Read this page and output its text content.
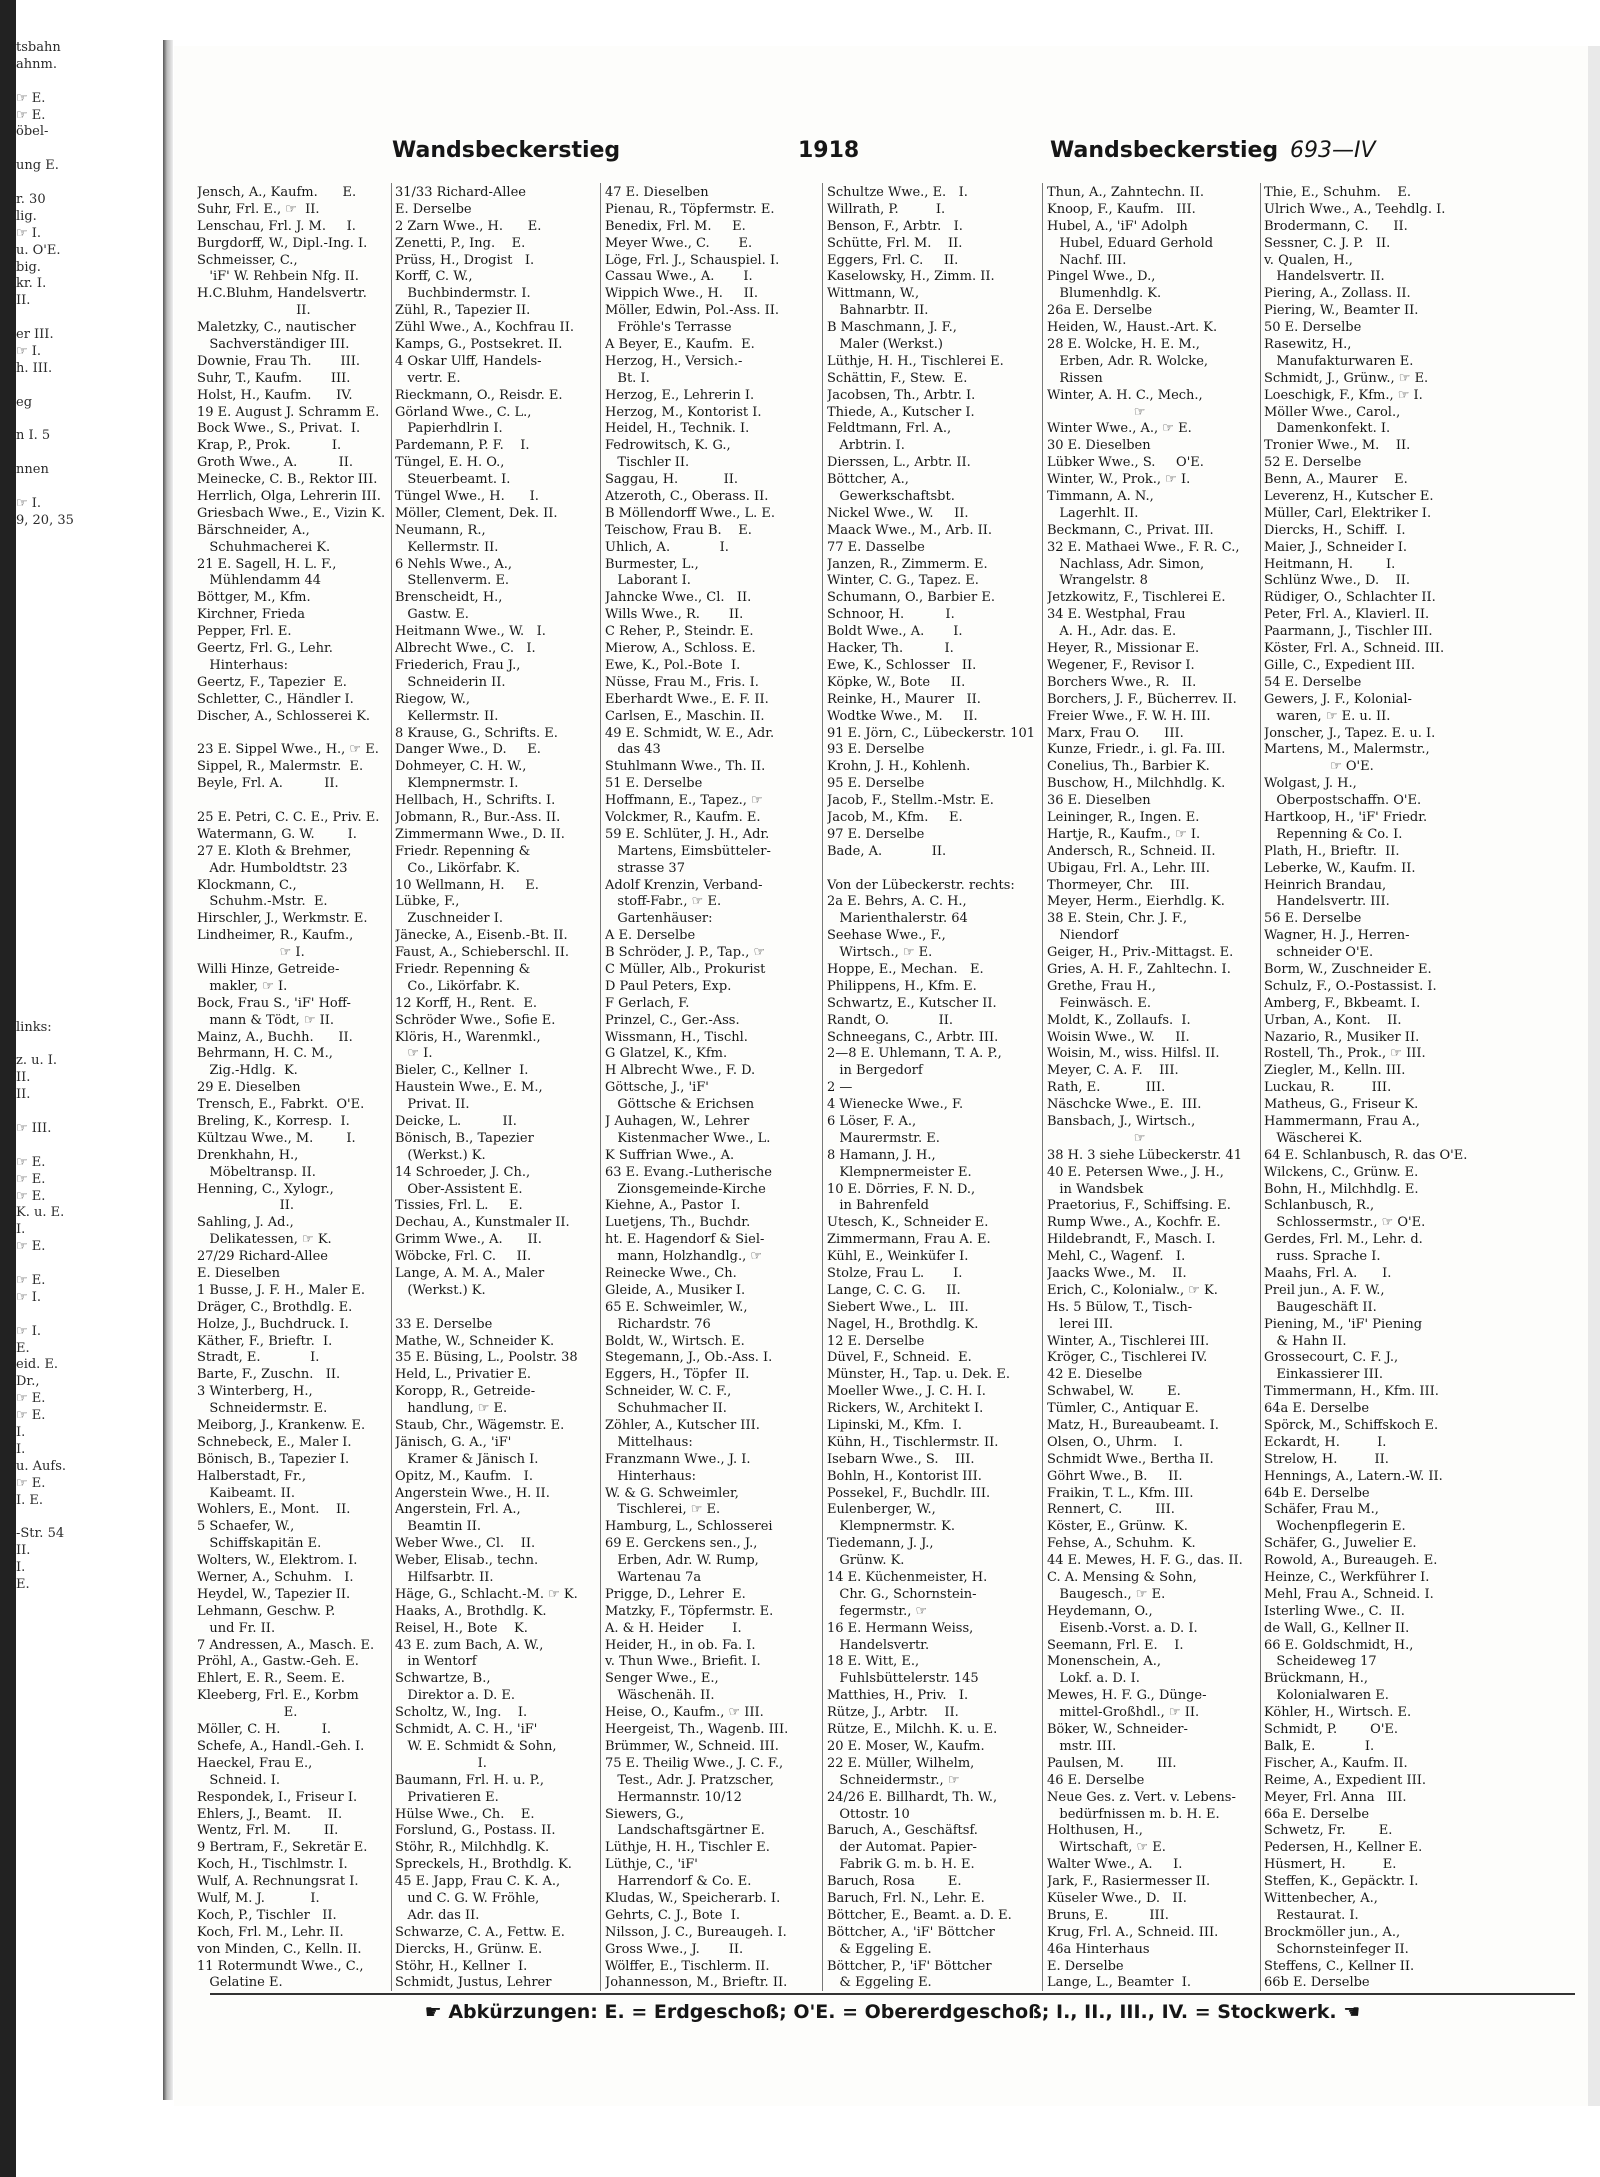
tsbahn
ahnm.
☞ E.
☞ E.
öbel-
ung E.
r. 30
lig.
☞ I.
u. O'E.
big.
kr. I.
II.
er III.
☞ I.
h. III.
eg
n I. 5
nnen
☞ I.
9, 20, 35
links:
z. u. I.
II.
II.
☞ III.
☞ E.
☞ E.
☞ E.
K. u. E.
I.
☞ E.
☞ E.
☞ I.
☞ I.
E.
eid. E.
Dr.,
☞ E.
☞ E.
I.
I.
u. Aufs.
☞ E.
I. E.
-Str. 54
II.
I.
E.
Wandsbeckerstieg	1918	Wandsbeckerstieg 693—IV
Jensch, A., Kaufm.      E.
Suhr, Frl. E., ☞  II.
Lenschau, Frl. J. M.     I.
Burgdorff, W., Dipl.-Ing. I.
Schmeisser, C.,
'iF' W. Rehbein Nfg. II.
H.C.Bluhm, Handelsvertr.
II.
Maletzky, C., nautischer
Sachverständiger III.
Downie, Frau Th.       III.
Suhr, T., Kaufm.       III.
Holst, H., Kaufm.      IV.
19 E. August J. Schramm E.
Bock Wwe., S., Privat.  I.
Krap, P., Prok.          I.
Groth Wwe., A.          II.
Meinecke, C. B., Rektor III.
Herrlich, Olga, Lehrerin III.
Griesbach Wwe., E., Vizin K.
Bärschneider, A.,
Schuhmacherei K.
21 E. Sagell, H. L. F.,
Mühlendamm 44
Böttger, M., Kfm.
Kirchner, Frieda
Pepper, Frl. E.
Geertz, Frl. G., Lehr.
Hinterhaus:
Geertz, F., Tapezier  E.
Schletter, C., Händler I.
Discher, A., Schlosserei K.
23 E. Sippel Wwe., H., ☞ E.
Sippel, R., Malermstr.  E.
Beyle, Frl. A.          II.
25 E. Petri, C. C. E., Priv. E.
Watermann, G. W.        I.
27 E. Kloth & Brehmer,
Adr. Humboldtstr. 23
Klockmann, C.,
Schuhm.-Mstr.  E.
Hirschler, J., Werkmstr. E.
Lindheimer, R., Kaufm.,
☞ I.
Willi Hinze, Getreide-
makler, ☞ I.
Bock, Frau S., 'iF' Hoff-
mann & Tödt, ☞ II.
Mainz, A., Buchh.      II.
Behrmann, H. C. M.,
Zig.-Hdlg.  K.
29 E. Dieselben
Trensch, E., Fabrkt.  O'E.
Breling, K., Korresp.  I.
Kültzau Wwe., M.        I.
Drenkhahn, H.,
Möbeltransp. II.
Henning, C., Xylogr.,
II.
Sahling, J. Ad.,
Delikatessen, ☞ K.
27/29 Richard-Allee
E. Dieselben
1 Busse, J. F. H., Maler E.
Dräger, C., Brothdlg. E.
Holze, J., Buchdruck. I.
Käther, F., Brieftr.  I.
Stradt, E.            I.
Barte, F., Zuschn.   II.
3 Winterberg, H.,
Schneidermstr. E.
Meiborg, J., Krankenw. E.
Schnebeck, E., Maler I.
Bönisch, B., Tapezier I.
Halberstadt, Fr.,
Kaibeamt. II.
Wohlers, E., Mont.    II.
5 Schaefer, W.,
Schiffskapitän E.
Wolters, W., Elektrom. I.
Werner, A., Schuhm.   I.
Heydel, W., Tapezier II.
Lehmann, Geschw. P.
und Fr. II.
7 Andressen, A., Masch. E.
Pröhl, A., Gastw.-Geh. E.
Ehlert, E. R., Seem. E.
Kleeberg, Frl. E., Korbm
E.
Möller, C. H.          I.
Schefe, A., Handl.-Geh. I.
Haeckel, Frau E.,
Schneid. I.
Respondek, I., Friseur I.
Ehlers, J., Beamt.    II.
Wentz, Frl. M.        II.
9 Bertram, F., Sekretär E.
Koch, H., Tischlmstr. I.
Wulf, A. Rechnungsrat I.
Wulf, M. J.           I.
Koch, P., Tischler   II.
Koch, Frl. M., Lehr. II.
von Minden, C., Kelln. II.
11 Rotermundt Wwe., C.,
Gelatine E.
31/33 Richard-Allee
E. Derselbe
2 Zarn Wwe., H.      E.
Zenetti, P., Ing.    E.
Prüss, H., Drogist   I.
Korff, C. W.,
Buchbindermstr. I.
Zühl, R., Tapezier II.
Zühl Wwe., A., Kochfrau II.
Kamps, G., Postsekret. II.
4 Oskar Ulff, Handels-
vertr. E.
Rieckmann, O., Reisdr. E.
Görland Wwe., C. L.,
Papierhdlrin I.
Pardemann, P. F.    I.
Tüngel, E. H. O.,
Steuerbeamt. I.
Tüngel Wwe., H.      I.
Möller, Clement, Dek. II.
Neumann, R.,
Kellermstr. II.
6 Nehls Wwe., A.,
Stellenverm. E.
Brenscheidt, H.,
Gastw. E.
Heitmann Wwe., W.   I.
Albrecht Wwe., C.   I.
Friederich, Frau J.,
Schneiderin II.
Riegow, W.,
Kellermstr. II.
8 Krause, G., Schrifts. E.
Danger Wwe., D.     E.
Dohmeyer, C. H. W.,
Klempnermstr. I.
Hellbach, H., Schrifts. I.
Jobmann, R., Bur.-Ass. II.
Zimmermann Wwe., D. II.
Friedr. Repenning &
Co., Likörfabr. K.
10 Wellmann, H.     E.
Lübke, F.,
Zuschneider I.
Jänecke, A., Eisenb.-Bt. II.
Faust, A., Schieberschl. II.
Friedr. Repenning &
Co., Likörfabr. K.
12 Korff, H., Rent.  E.
Schröder Wwe., Sofie E.
Klöris, H., Warenmkl.,
☞ I.
Bieler, C., Kellner  I.
Haustein Wwe., E. M.,
Privat. II.
Deicke, L.          II.
Bönisch, B., Tapezier
(Werkst.) K.
14 Schroeder, J. Ch.,
Ober-Assistent E.
Tissies, Frl. L.     E.
Dechau, A., Kunstmaler II.
Grimm Wwe., A.      II.
Wöbcke, Frl. C.     II.
Lange, A. M. A., Maler
(Werkst.) K.
33 E. Derselbe
Mathe, W., Schneider K.
35 E. Büsing, L., Poolstr. 38
Held, L., Privatier E.
Koropp, R., Getreide-
handlung, ☞ E.
Staub, Chr., Wägemstr. E.
Jänisch, G. A., 'iF'
Kramer & Jänisch I.
Opitz, M., Kaufm.   I.
Angerstein Wwe., H. II.
Angerstein, Frl. A.,
Beamtin II.
Weber Wwe., Cl.    II.
Weber, Elisab., techn.
Hilfsarbtr. II.
Häge, G., Schlacht.-M. ☞ K.
Haaks, A., Brothdlg. K.
Reisel, H., Bote    K.
43 E. zum Bach, A. W.,
in Wentorf
Schwartze, B.,
Direktor a. D. E.
Scholtz, W., Ing.    I.
Schmidt, A. C. H., 'iF'
W. E. Schmidt & Sohn,
I.
Baumann, Frl. H. u. P.,
Privatieren E.
Hülse Wwe., Ch.    E.
Forslund, G., Postass. II.
Stöhr, R., Milchhdlg. K.
Spreckels, H., Brothdlg. K.
45 E. Japp, Frau C. K. A.,
und C. G. W. Fröhle,
Adr. das II.
Schwarze, C. A., Fettw. E.
Diercks, H., Grünw. E.
Stöhr, H., Kellner  I.
Schmidt, Justus, Lehrer
47 E. Dieselben
Pienau, R., Töpfermstr. E.
Benedix, Frl. M.     E.
Meyer Wwe., C.       E.
Löge, Frl. J., Schauspiel. I.
Cassau Wwe., A.       I.
Wippich Wwe., H.     II.
Möller, Edwin, Pol.-Ass. II.
Fröhle's Terrasse
A Beyer, E., Kaufm.  E.
Herzog, H., Versich.-
Bt. I.
Herzog, E., Lehrerin I.
Herzog, M., Kontorist I.
Heidel, H., Technik. I.
Fedrowitsch, K. G.,
Tischler II.
Saggau, H.           II.
Atzeroth, C., Oberass. II.
B Möllendorff Wwe., L. E.
Teischow, Frau B.    E.
Uhlich, A.            I.
Burmester, L.,
Laborant I.
Jahncke Wwe., Cl.   II.
Wills Wwe., R.       II.
C Reher, P., Steindr. E.
Mierow, A., Schloss. E.
Ewe, K., Pol.-Bote  I.
Nüsse, Frau M., Fris. I.
Eberhardt Wwe., E. F. II.
Carlsen, E., Maschin. II.
49 E. Schmidt, W. E., Adr.
das 43
Stuhlmann Wwe., Th. II.
51 E. Derselbe
Hoffmann, E., Tapez., ☞
Volckmer, R., Kaufm. E.
59 E. Schlüter, J. H., Adr.
Martens, Eimsbütteler-
strasse 37
Adolf Krenzin, Verband-
stoff-Fabr., ☞ E.
Gartenhäuser:
A E. Derselbe
B Schröder, J. P., Tap., ☞
C Müller, Alb., Prokurist
D Paul Peters, Exp.
F Gerlach, F.
Prinzel, C., Ger.-Ass.
Wissmann, H., Tischl.
G Glatzel, K., Kfm.
H Albrecht Wwe., F. D.
Göttsche, J., 'iF'
Göttsche & Erichsen
J Auhagen, W., Lehrer
Kistenmacher Wwe., L.
K Suffrian Wwe., A.
63 E. Evang.-Lutherische
Zionsgemeinde-Kirche
Kiehne, A., Pastor  I.
Luetjens, Th., Buchdr.
ht. E. Hagendorf & Siel-
mann, Holzhandlg., ☞
Reinecke Wwe., Ch.
Gleide, A., Musiker I.
65 E. Schweimler, W.,
Richardstr. 76
Boldt, W., Wirtsch. E.
Stegemann, J., Ob.-Ass. I.
Eggers, H., Töpfer  II.
Schneider, W. C. F.,
Schuhmacher II.
Zöhler, A., Kutscher III.
Mittelhaus:
Franzmann Wwe., J. I.
Hinterhaus:
W. & G. Schweimler,
Tischlerei, ☞ E.
Hamburg, L., Schlosserei
69 E. Gerckens sen., J.,
Erben, Adr. W. Rump,
Wartenau 7a
Prigge, D., Lehrer  E.
Matzky, F., Töpfermstr. E.
A. & H. Heider       I.
Heider, H., in ob. Fa. I.
v. Thun Wwe., Briefit. I.
Senger Wwe., E.,
Wäschenäh. II.
Heise, O., Kaufm., ☞ III.
Heergeist, Th., Wagenb. III.
Brümmer, W., Schneid. III.
75 E. Theilig Wwe., J. C. F.,
Test., Adr. J. Pratzscher,
Hermannstr. 10/12
Siewers, G.,
Landschaftsgärtner E.
Lüthje, H. H., Tischler E.
Lüthje, C., 'iF'
Harrendorf & Co. E.
Kludas, W., Speicherarb. I.
Gehrts, C. J., Bote  I.
Nilsson, J. C., Bureaugeh. I.
Gross Wwe., J.       II.
Wölffer, E., Tischlerm. II.
Johannesson, M., Brieftr. II.
Schultze Wwe., E.   I.
Willrath, P.         I.
Benson, F., Arbtr.   I.
Schütte, Frl. M.    II.
Eggers, Frl. C.     II.
Kaselowsky, H., Zimm. II.
Wittmann, W.,
Bahnarbtr. II.
B Maschmann, J. F.,
Maler (Werkst.)
Lüthje, H. H., Tischlerei E.
Schättin, F., Stew.  E.
Jacobsen, Th., Arbtr. I.
Thiede, A., Kutscher I.
Feldtmann, Frl. A.,
Arbtrin. I.
Dierssen, L., Arbtr. II.
Böttcher, A.,
Gewerkschaftsbt.
Nickel Wwe., W.     II.
Maack Wwe., M., Arb. II.
77 E. Dasselbe
Janzen, R., Zimmerm. E.
Winter, C. G., Tapez. E.
Schumann, O., Barbier E.
Schnoor, H.          I.
Boldt Wwe., A.       I.
Hacker, Th.          I.
Ewe, K., Schlosser   II.
Köpke, W., Bote     II.
Reinke, H., Maurer   II.
Wodtke Wwe., M.     II.
91 E. Jörn, C., Lübeckerstr. 101
93 E. Derselbe
Krohn, J. H., Kohlenh.
95 E. Derselbe
Jacob, F., Stellm.-Mstr. E.
Jacob, M., Kfm.     E.
97 E. Derselbe
Bade, A.            II.
Von der Lübeckerstr. rechts:
2a E. Behrs, A. C. H.,
Marienthalerstr. 64
Seehase Wwe., F.,
Wirtsch., ☞ E.
Hoppe, E., Mechan.   E.
Philippens, H., Kfm. E.
Schwartz, E., Kutscher II.
Randt, O.            II.
Schneegans, C., Arbtr. III.
2—8 E. Uhlemann, T. A. P.,
in Bergedorf
2 —
4 Wienecke Wwe., F.
6 Löser, F. A.,
Maurermstr. E.
8 Hamann, J. H.,
Klempnermeister E.
10 E. Dörries, F. N. D.,
in Bahrenfeld
Utesch, K., Schneider E.
Zimmermann, Frau A. E.
Kühl, E., Weinküfer I.
Stolze, Frau L.       I.
Lange, C. C. G.     II.
Siebert Wwe., L.   III.
Nagel, H., Brothdlg. K.
12 E. Derselbe
Düvel, F., Schneid.  E.
Münster, H., Tap. u. Dek. E.
Moeller Wwe., J. C. H. I.
Rickers, W., Architekt I.
Lipinski, M., Kfm.  I.
Kühn, H., Tischlermstr. II.
Isebarn Wwe., S.    III.
Bohln, H., Kontorist III.
Possekel, F., Buchdlr. III.
Eulenberger, W.,
Klempnermstr. K.
Tiedemann, J. J.,
Grünw. K.
14 E. Küchenmeister, H.
Chr. G., Schornstein-
fegermstr., ☞
16 E. Hermann Weiss,
Handelsvertr.
18 E. Witt, E.,
Fuhlsbüttelerstr. 145
Matthies, H., Priv.   I.
Rütze, J., Arbtr.    II.
Rütze, E., Milchh. K. u. E.
20 E. Moser, W., Kaufm.
22 E. Müller, Wilhelm,
Schneidermstr., ☞
24/26 E. Billhardt, Th. W.,
Ottostr. 10
Baruch, A., Geschäftsf.
der Automat. Papier-
Fabrik G. m. b. H. E.
Baruch, Rosa        E.
Baruch, Frl. N., Lehr. E.
Böttcher, E., Beamt. a. D. E.
Böttcher, A., 'iF' Böttcher
& Eggeling E.
Böttcher, P., 'iF' Böttcher
& Eggeling E.
Thun, A., Zahntechn. II.
Knoop, F., Kaufm.   III.
Hubel, A., 'iF' Adolph
Hubel, Eduard Gerhold
Nachf. III.
Pingel Wwe., D.,
Blumenhdlg. K.
26a E. Derselbe
Heiden, W., Haust.-Art. K.
28 E. Wolcke, H. E. M.,
Erben, Adr. R. Wolcke,
Rissen
Winter, A. H. C., Mech.,
☞
Winter Wwe., A., ☞ E.
30 E. Dieselben
Lübker Wwe., S.     O'E.
Winter, W., Prok., ☞ I.
Timmann, A. N.,
Lagerhlt. II.
Beckmann, C., Privat. III.
32 E. Mathaei Wwe., F. R. C.,
Nachlass, Adr. Simon,
Wrangelstr. 8
Jetzkowitz, F., Tischlerei E.
34 E. Westphal, Frau
A. H., Adr. das. E.
Heyer, R., Missionar E.
Wegener, F., Revisor I.
Borchers Wwe., R.   II.
Borchers, J. F., Bücherrev. II.
Freier Wwe., F. W. H. III.
Marx, Frau O.      III.
Kunze, Friedr., i. gl. Fa. III.
Conelius, Th., Barbier K.
Buschow, H., Milchhdlg. K.
36 E. Dieselben
Leininger, R., Ingen. E.
Hartje, R., Kaufm., ☞ I.
Andersch, R., Schneid. II.
Ubigau, Frl. A., Lehr. III.
Thormeyer, Chr.    III.
Meyer, Herm., Eierhdlg. K.
38 E. Stein, Chr. J. F.,
Niendorf
Geiger, H., Priv.-Mittagst. E.
Gries, A. H. F., Zahltechn. I.
Grethe, Frau H.,
Feinwäsch. E.
Moldt, K., Zollaufs.  I.
Woisin Wwe., W.     II.
Woisin, M., wiss. Hilfsl. II.
Meyer, C. A. F.    III.
Rath, E.           III.
Näschcke Wwe., E.  III.
Bansbach, J., Wirtsch.,
☞
38 H. 3 siehe Lübeckerstr. 41
40 E. Petersen Wwe., J. H.,
in Wandsbek
Praetorius, F., Schiffsing. E.
Rump Wwe., A., Kochfr. E.
Hildebrandt, F., Masch. I.
Mehl, C., Wagenf.   I.
Jaacks Wwe., M.    II.
Erich, C., Kolonialw., ☞ K.
Hs. 5 Bülow, T., Tisch-
lerei III.
Winter, A., Tischlerei III.
Kröger, C., Tischlerei IV.
42 E. Dieselbe
Schwabel, W.        E.
Tümler, C., Antiquar E.
Matz, H., Bureaubeamt. I.
Olsen, O., Uhrm.    I.
Schmidt Wwe., Bertha II.
Göhrt Wwe., B.     II.
Fraikin, T. L., Kfm. III.
Rennert, C.        III.
Köster, E., Grünw.  K.
Fehse, A., Schuhm.  K.
44 E. Mewes, H. F. G., das. II.
C. A. Mensing & Sohn,
Baugesch., ☞ E.
Heydemann, O.,
Eisenb.-Vorst. a. D. I.
Seemann, Frl. E.    I.
Monenschein, A.,
Lokf. a. D. I.
Mewes, H. F. G., Dünge-
mittel-Großhdl., ☞ II.
Böker, W., Schneider-
mstr. III.
Paulsen, M.        III.
46 E. Derselbe
Neue Ges. z. Vert. v. Lebens-
bedürfnissen m. b. H. E.
Holthusen, H.,
Wirtschaft, ☞ E.
Walter Wwe., A.     I.
Jark, F., Rasiermesser II.
Küseler Wwe., D.   II.
Bruns, E.          III.
Krug, Frl. A., Schneid. III.
46a Hinterhaus
E. Derselbe
Lange, L., Beamter  I.
Thie, E., Schuhm.    E.
Ulrich Wwe., A., Teehdlg. I.
Brodermann, C.      II.
Sessner, C. J. P.   II.
v. Qualen, H.,
Handelsvertr. II.
Piering, A., Zollass. II.
Piering, W., Beamter II.
50 E. Derselbe
Rasewitz, H.,
Manufakturwaren E.
Schmidt, J., Grünw., ☞ E.
Loeschigk, F., Kfm., ☞ I.
Möller Wwe., Carol.,
Damenkonfekt. I.
Tronier Wwe., M.    II.
52 E. Derselbe
Benn, A., Maurer    E.
Leverenz, H., Kutscher E.
Müller, Carl, Elektriker I.
Diercks, H., Schiff.  I.
Maier, J., Schneider I.
Heitmann, H.        I.
Schlünz Wwe., D.    II.
Rüdiger, O., Schlachter II.
Peter, Frl. A., Klavierl. II.
Paarmann, J., Tischler III.
Köster, Frl. A., Schneid. III.
Gille, C., Expedient III.
54 E. Derselbe
Gewers, J. F., Kolonial-
waren, ☞ E. u. II.
Jonscher, J., Tapez. E. u. I.
Martens, M., Malermstr.,
☞ O'E.
Wolgast, J. H.,
Oberpostschaffn. O'E.
Hartkoop, H., 'iF' Friedr.
Repenning & Co. I.
Plath, H., Brieftr.  II.
Leberke, W., Kaufm. II.
Heinrich Brandau,
Handelsvertr. III.
56 E. Derselbe
Wagner, H. J., Herren-
schneider O'E.
Borm, W., Zuschneider E.
Schulz, F., O.-Postassist. I.
Amberg, F., Bkbeamt. I.
Urban, A., Kont.    II.
Nazario, R., Musiker II.
Rostell, Th., Prok., ☞ III.
Ziegler, M., Kelln. III.
Luckau, R.         III.
Matheus, G., Friseur K.
Hammermann, Frau A.,
Wäscherei K.
64 E. Schlanbusch, R. das O'E.
Wilckens, C., Grünw. E.
Bohn, H., Milchhdlg. E.
Schlanbusch, R.,
Schlossermstr., ☞ O'E.
Gerdes, Frl. M., Lehr. d.
russ. Sprache I.
Maahs, Frl. A.      I.
Preil jun., A. F. W.,
Baugeschäft II.
Piening, M., 'iF' Piening
& Hahn II.
Grossecourt, C. F. J.,
Einkassierer III.
Timmermann, H., Kfm. III.
64a E. Derselbe
Spörck, M., Schiffskoch E.
Eckardt, H.         I.
Strelow, H.         II.
Hennings, A., Latern.-W. II.
64b E. Derselbe
Schäfer, Frau M.,
Wochenpflegerin E.
Schäfer, G., Juwelier E.
Rowold, A., Bureaugeh. E.
Heinze, C., Werkführer I.
Mehl, Frau A., Schneid. I.
Isterling Wwe., C.  II.
de Wall, G., Kellner II.
66 E. Goldschmidt, H.,
Scheideweg 17
Brückmann, H.,
Kolonialwaren E.
Köhler, H., Wirtsch. E.
Schmidt, P.        O'E.
Balk, E.            I.
Fischer, A., Kaufm. II.
Reime, A., Expedient III.
Meyer, Frl. Anna   III.
66a E. Derselbe
Schwetz, Fr.        E.
Pedersen, H., Kellner E.
Hüsmert, H.         E.
Steffen, K., Gepäcktr. I.
Wittenbecher, A.,
Restaurat. I.
Brockmöller jun., A.,
Schornsteinfeger II.
Steffens, C., Kellner II.
66b E. Derselbe
☛ Abkürzungen: E. = Erdgeschoß; O'E. = Obererdgeschoß; I., II., III., IV. = Stockwerk. ☚
